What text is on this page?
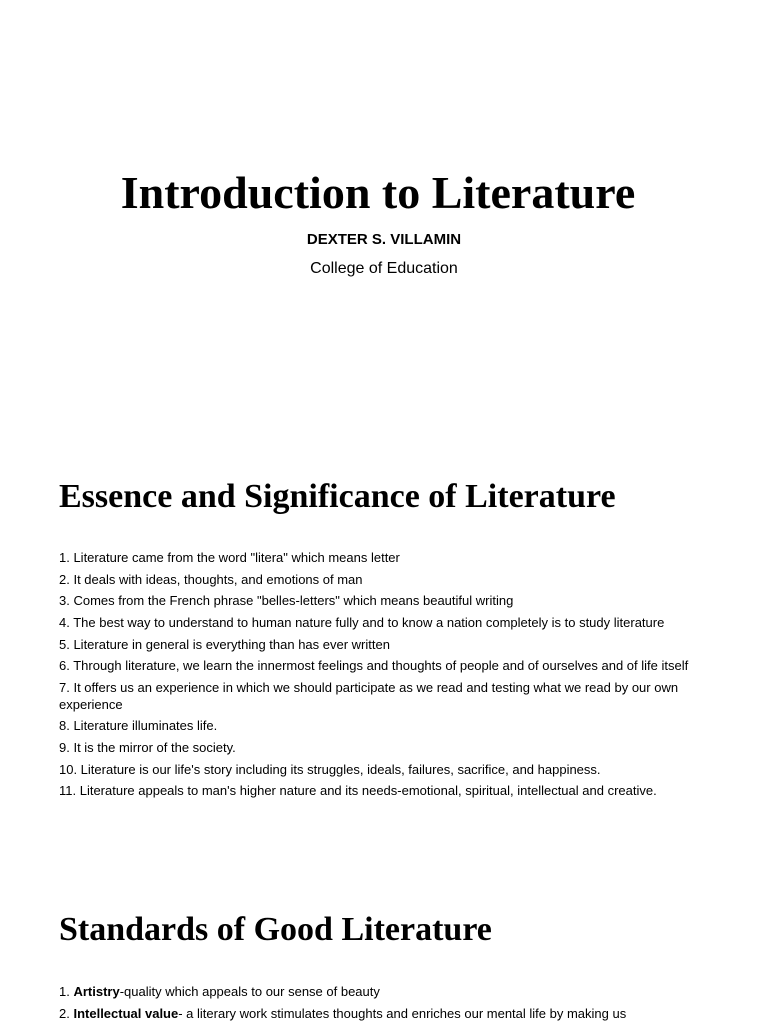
Introduction to Literature

DEXTER S. VILLAMIN

College of Education

Essence and Significance of Literature
1. Literature came from the word "litera" which means letter
2. It deals with ideas, thoughts, and emotions of man
3. Comes from the French phrase "belles-letters" which means beautiful writing
4. The best way to understand to human nature fully and to know a nation completely is to study literature
5. Literature in general is everything than has ever written
6. Through literature, we learn the innermost feelings and thoughts of people and of ourselves and of life itself
7. It offers us an experience in which we should participate as we read and testing what we read by our own experience
8. Literature illuminates life.
9. It is the mirror of the society.
10. Literature is our life's story including its struggles, ideals, failures, sacrifice, and happiness.
11. Literature appeals to man's higher nature and its needs-emotional, spiritual, intellectual and creative.
Standards of Good Literature
1. Artistry-quality which appeals to our sense of beauty
2. Intellectual value- a literary work stimulates thoughts and enriches our mental life by making us
